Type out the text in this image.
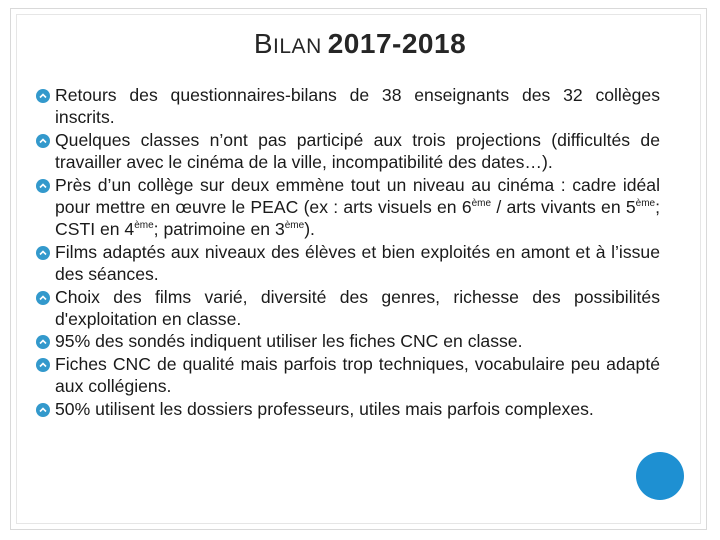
BILAN 2017-2018
Retours des questionnaires-bilans de 38 enseignants des 32 collèges inscrits.
Quelques classes n’ont pas participé aux trois projections (difficultés de travailler avec le cinéma de la ville, incompatibilité des dates…).
Près d’un collège sur deux emmène tout un niveau au cinéma : cadre idéal pour mettre en œuvre le PEAC (ex : arts visuels en 6ème / arts vivants en 5ème; CSTI en 4ème; patrimoine en 3ème).
Films adaptés aux niveaux des élèves et bien exploités en amont et à l’issue des séances.
Choix des films varié, diversité des genres, richesse des possibilités d'exploitation en classe.
95% des sondés indiquent utiliser les fiches CNC en classe.
Fiches CNC de qualité mais parfois trop techniques, vocabulaire peu adapté aux collégiens.
50% utilisent les dossiers professeurs, utiles mais parfois complexes.
